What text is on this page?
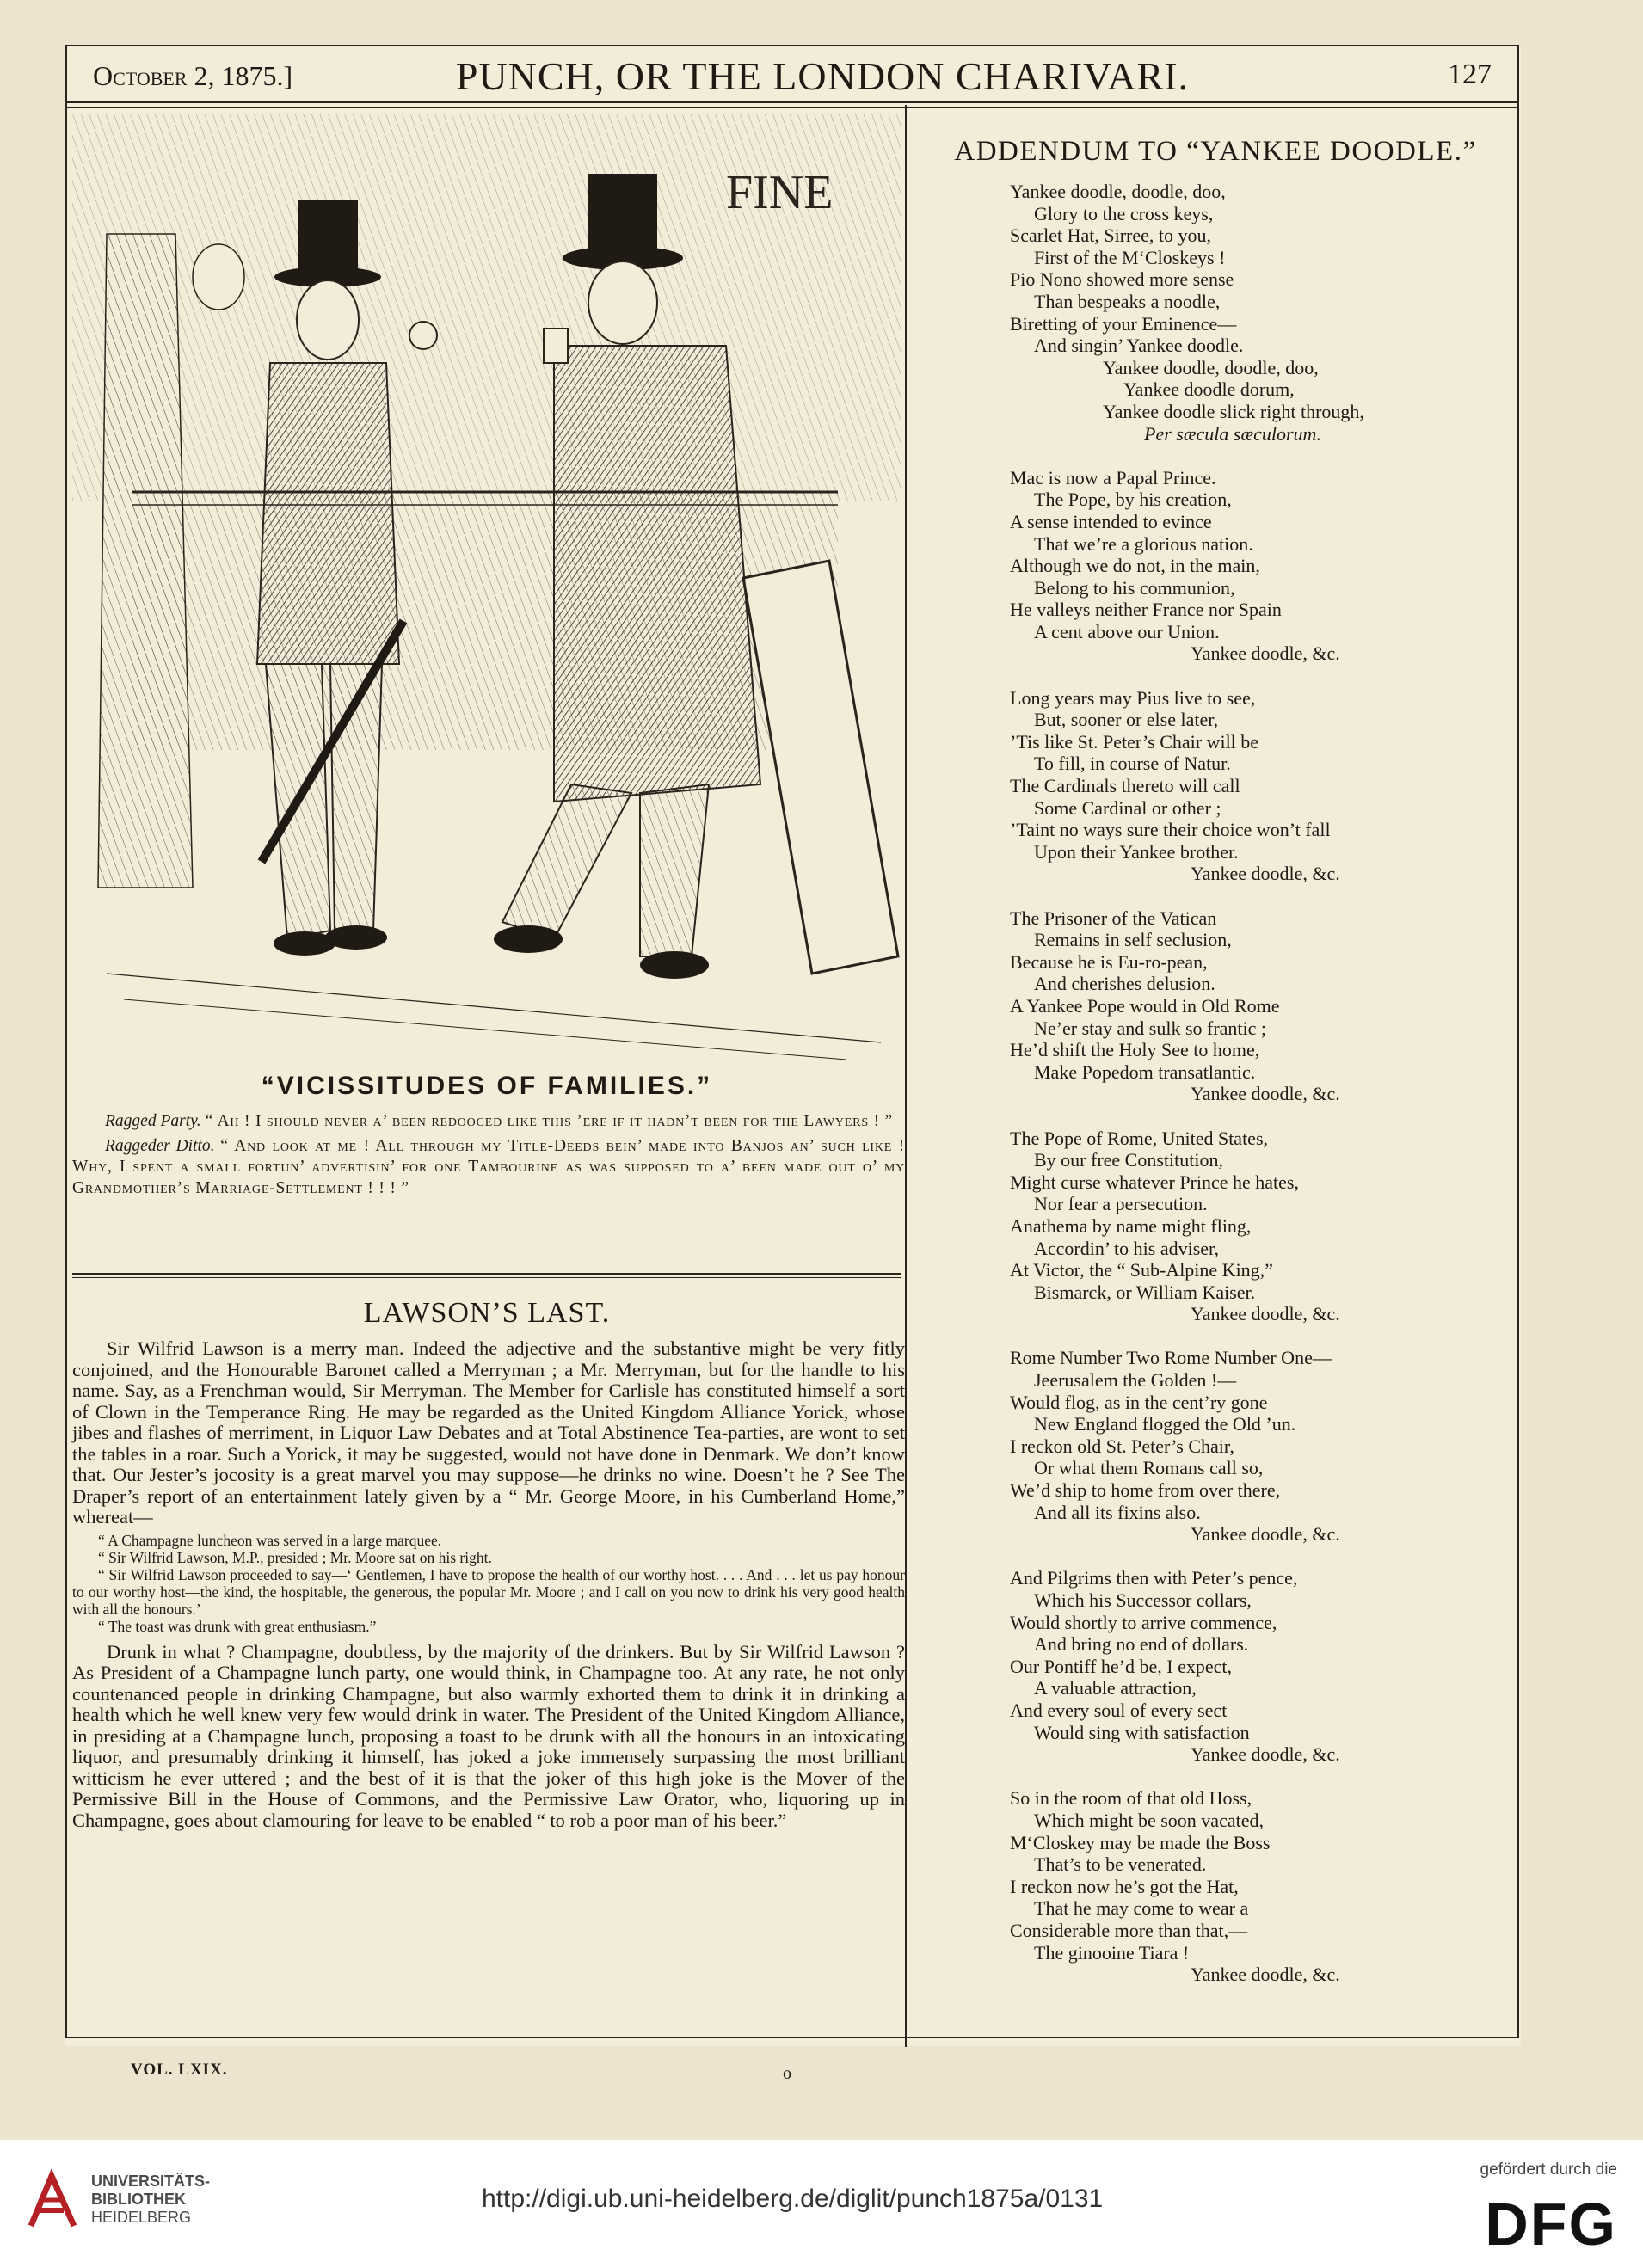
October 2, 1875.]	PUNCH, OR THE LONDON CHARIVARI.	127
FINE
“VICISSITUDES OF FAMILIES.”

Ragged Party. “ Ah ! I should never a’ been redooced like this ’ere if it hadn’t been for the Lawyers ! ”

Raggeder Ditto. “ And look at me ! All through my Title-Deeds bein’ made into Banjos an’ such like ! Why, I spent a small fortun’ advertisin’ for one Tambourine as was supposed to a’ been made out o’ my Grandmother’s Marriage-Settlement ! ! ! ”

LAWSON’S LAST.

Sir Wilfrid Lawson is a merry man. Indeed the adjective and the substantive might be very fitly conjoined, and the Honourable Baronet called a Merryman ; a Mr. Merryman, but for the handle to his name. Say, as a Frenchman would, Sir Merryman. The Member for Carlisle has constituted himself a sort of Clown in the Temperance Ring. He may be regarded as the United Kingdom Alliance Yorick, whose jibes and flashes of merriment, in Liquor Law Debates and at Total Abstinence Tea-parties, are wont to set the tables in a roar. Such a Yorick, it may be suggested, would not have done in Denmark. We don’t know that. Our Jester’s jocosity is a great marvel you may suppose—he drinks no wine. Doesn’t he ? See The Draper’s report of an entertainment lately given by a “ Mr. George Moore, in his Cumberland Home,” whereat—

“ A Champagne luncheon was served in a large marquee.

“ Sir Wilfrid Lawson, M.P., presided ; Mr. Moore sat on his right.

“ Sir Wilfrid Lawson proceeded to say—‘ Gentlemen, I have to propose the health of our worthy host. . . . And . . . let us pay honour to our worthy host—the kind, the hospitable, the generous, the popular Mr. Moore ; and I call on you now to drink his very good health with all the honours.’

“ The toast was drunk with great enthusiasm.”

Drunk in what ? Champagne, doubtless, by the majority of the drinkers. But by Sir Wilfrid Lawson ? As President of a Champagne lunch party, one would think, in Champagne too. At any rate, he not only countenanced people in drinking Champagne, but also warmly exhorted them to drink it in drinking a health which he well knew very few would drink in water. The President of the United Kingdom Alliance, in presiding at a Champagne lunch, proposing a toast to be drunk with all the honours in an intoxicating liquor, and presumably drinking it himself, has joked a joke immensely surpassing the most brilliant witticism he ever uttered ; and the best of it is that the joker of this high joke is the Mover of the Permissive Bill in the House of Commons, and the Permissive Law Orator, who, liquoring up in Champagne, goes about clamouring for leave to be enabled “ to rob a poor man of his beer.”

ADDENDUM TO “YANKEE DOODLE.”
Yankee doodle, doodle, doo,
Glory to the cross keys,
Scarlet Hat, Sirree, to you,
First of the M‘Closkeys !
Pio Nono showed more sense
Than bespeaks a noodle,
Biretting of your Eminence—
And singin’ Yankee doodle.
Yankee doodle, doodle, doo,
Yankee doodle dorum,
Yankee doodle slick right through,
Per sæcula sæculorum.
Mac is now a Papal Prince.
The Pope, by his creation,
A sense intended to evince
That we’re a glorious nation.
Although we do not, in the main,
Belong to his communion,
He valleys neither France nor Spain
A cent above our Union.
Yankee doodle, &c.
Long years may Pius live to see,
But, sooner or else later,
’Tis like St. Peter’s Chair will be
To fill, in course of Natur.
The Cardinals thereto will call
Some Cardinal or other ;
’Taint no ways sure their choice won’t fall
Upon their Yankee brother.
Yankee doodle, &c.
The Prisoner of the Vatican
Remains in self seclusion,
Because he is Eu-ro-pean,
And cherishes delusion.
A Yankee Pope would in Old Rome
Ne’er stay and sulk so frantic ;
He’d shift the Holy See to home,
Make Popedom transatlantic.
Yankee doodle, &c.
The Pope of Rome, United States,
By our free Constitution,
Might curse whatever Prince he hates,
Nor fear a persecution.
Anathema by name might fling,
Accordin’ to his adviser,
At Victor, the “ Sub-Alpine King,”
Bismarck, or William Kaiser.
Yankee doodle, &c.
Rome Number Two Rome Number One—
Jeerusalem the Golden !—
Would flog, as in the cent’ry gone
New England flogged the Old ’un.
I reckon old St. Peter’s Chair,
Or what them Romans call so,
We’d ship to home from over there,
And all its fixins also.
Yankee doodle, &c.
And Pilgrims then with Peter’s pence,
Which his Successor collars,
Would shortly to arrive commence,
And bring no end of dollars.
Our Pontiff he’d be, I expect,
A valuable attraction,
And every soul of every sect
Would sing with satisfaction
Yankee doodle, &c.
So in the room of that old Hoss,
Which might be soon vacated,
M‘Closkey may be made the Boss
That’s to be venerated.
I reckon now he’s got the Hat,
That he may come to wear a
Considerable more than that,—
The ginooine Tiara !
Yankee doodle, &c.
VOL. LXIX.	o
UNIVERSITÄTS-
BIBLIOTHEK
HEIDELBERG
http://digi.ub.uni-heidelberg.de/diglit/punch1875a/0131
gefördert durch die
DFG
